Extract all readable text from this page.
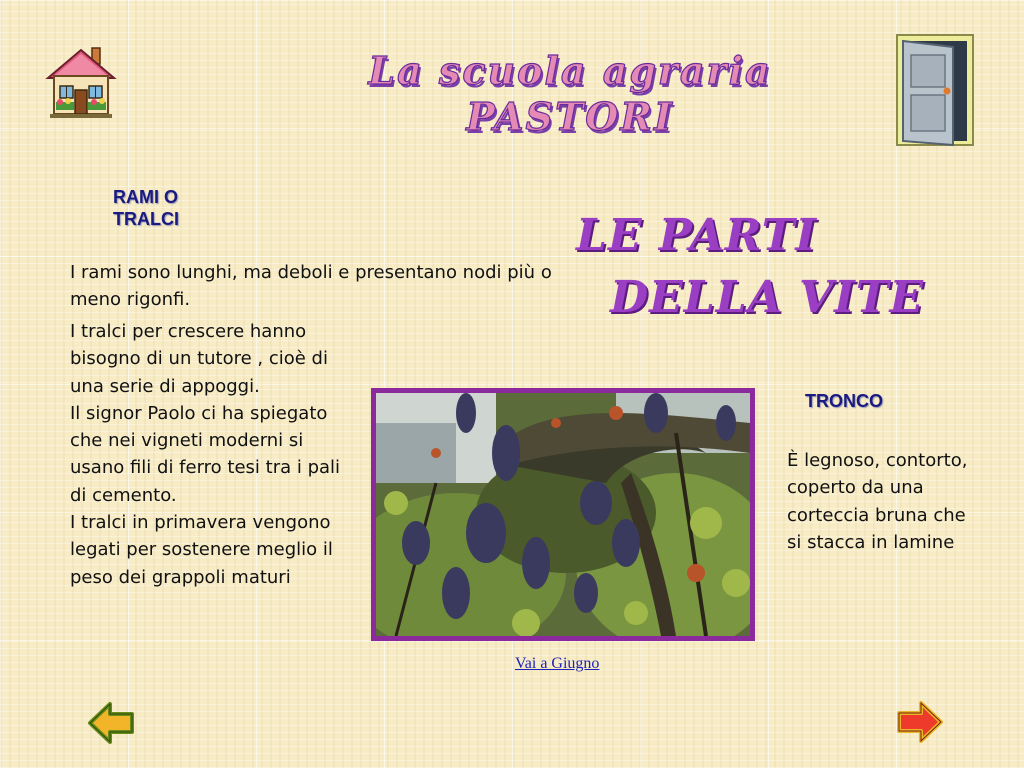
La scuola agraria
PASTORI
LE PARTI
DELLA VITE
RAMI O
TRALCI
I rami sono lunghi, ma deboli e presentano nodi più o meno rigonfi.
I tralci per crescere hanno bisogno di un tutore , cioè di una serie di appoggi.
Il signor Paolo ci ha spiegato che nei vigneti moderni si usano fili di ferro tesi tra i pali di cemento.
I tralci in primavera vengono legati per sostenere meglio il peso dei grappoli maturi
TRONCO
È legnoso, contorto, coperto da una corteccia bruna che si stacca in lamine
Vai a Giugno
